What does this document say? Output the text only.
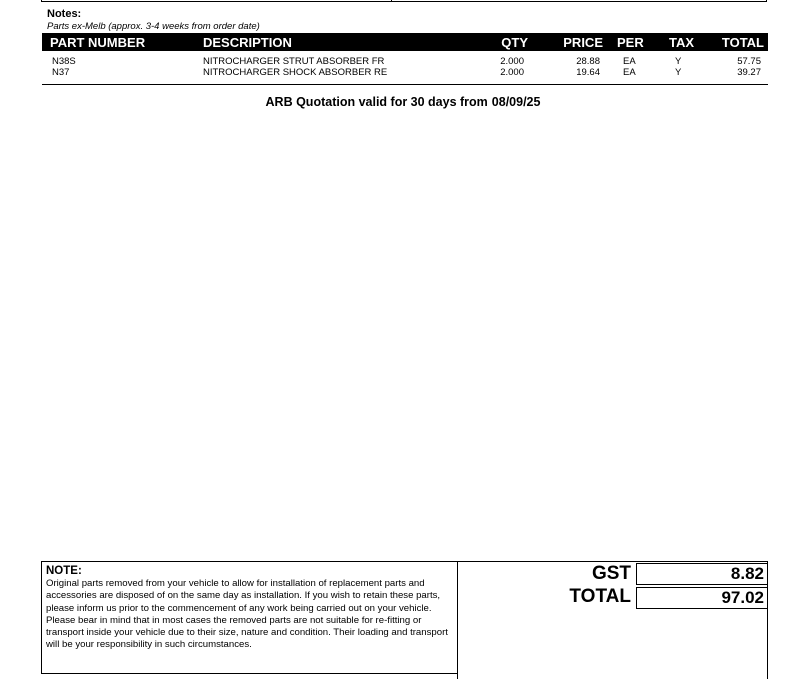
Notes:
Parts ex-Melb (approx. 3-4 weeks from order date)
PART NUMBER	DESCRIPTION	QTY	PRICE PER TAX TOTAL
N38S	NITROCHARGER STRUT ABSORBER FR	2.000	28.88 EA	Y	57.75
N37	NITROCHARGER SHOCK ABSORBER RE	2.000	19.64 EA	Y	39.27
ARB Quotation valid for 30 days from 08/09/25
NOTE:
Original parts removed from your vehicle to allow for installation of replacement parts and accessories are disposed of on the same day as installation. If you wish to retain these parts, please inform us prior to the commencement of any work being carried out on your vehicle. Please bear in mind that in most cases the removed parts are not suitable for re-fitting or transport inside your vehicle due to their size, nature and condition. Their loading and transport will be your responsibility in such circumstances.
GST	8.82
TOTAL	97.02
